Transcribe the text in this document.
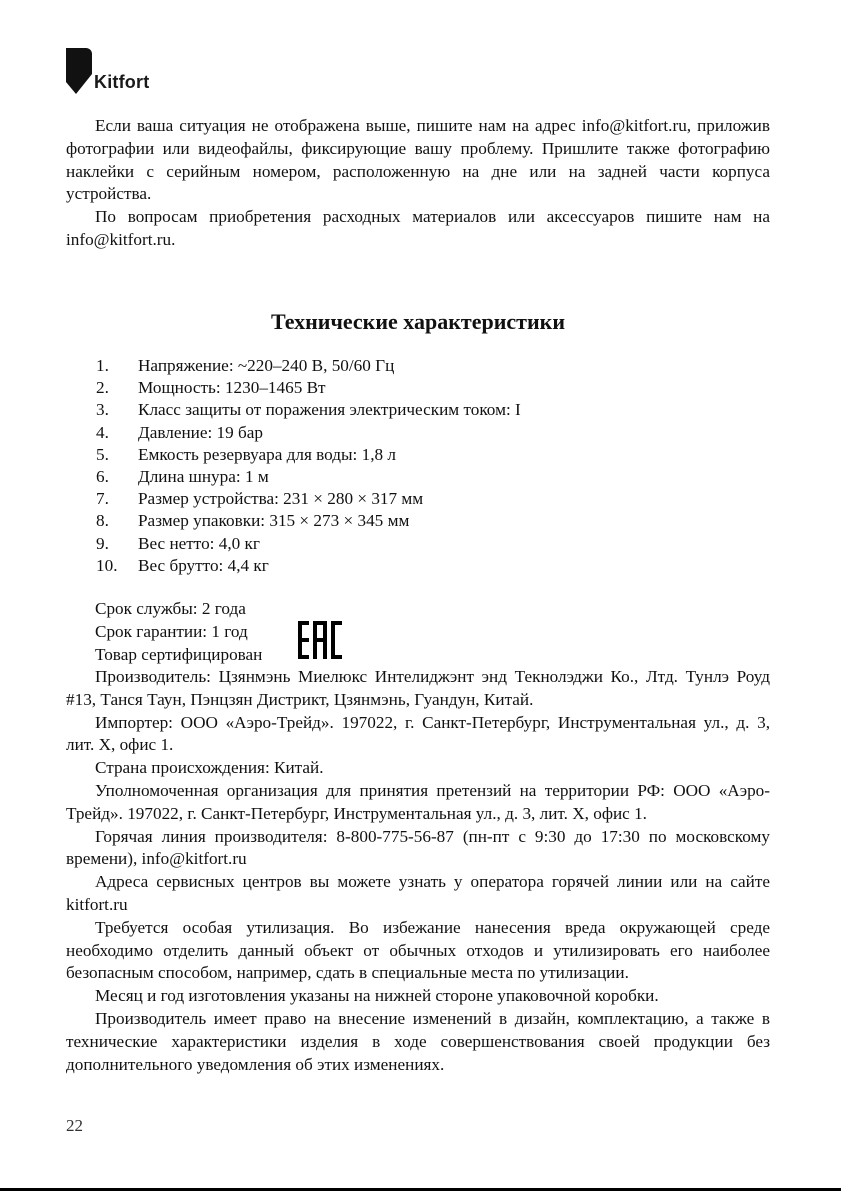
Kitfort

Если ваша ситуация не отображена выше, пишите нам на адрес info@kitfort.ru, приложив фотографии или видеофайлы, фиксирующие вашу проблему. Пришлите также фотографию наклейки с серийным номером, расположенную на дне или на задней части корпуса устройства.

По вопросам приобретения расходных материалов или аксессуаров пишите нам на info@kitfort.ru.

Технические характеристики
1.	Напряжение: ~220–240 В, 50/60 Гц
2.	Мощность: 1230–1465 Вт
3.	Класс защиты от поражения электрическим током: I
4.	Давление: 19 бар
5.	Емкость резервуара для воды: 1,8 л
6.	Длина шнура: 1 м
7.	Размер устройства: 231 × 280 × 317 мм
8.	Размер упаковки: 315 × 273 × 345 мм
9.	Вес нетто: 4,0 кг
10.	Вес брутто: 4,4 кг

Срок службы: 2 года

Срок гарантии: 1 год

Товар сертифицирован

Производитель: Цзянмэнь Миелюкс Интелиджэнт энд Текнолэджи Ко., Лтд. Тунлэ Роуд #13, Танся Таун, Пэнцзян Дистрикт, Цзянмэнь, Гуандун, Китай.

Импортер: ООО «Аэро-Трейд». 197022, г. Санкт-Петербург, Инструментальная ул., д. 3, лит. Х, офис 1.

Страна происхождения: Китай.

Уполномоченная организация для принятия претензий на территории РФ: ООО «Аэро-Трейд». 197022, г. Санкт-Петербург, Инструментальная ул., д. 3, лит. Х, офис 1.

Горячая линия производителя: 8-800-775-56-87 (пн-пт с 9:30 до 17:30 по московскому времени), info@kitfort.ru

Адреса сервисных центров вы можете узнать у оператора горячей линии или на сайте kitfort.ru

Требуется особая утилизация. Во избежание нанесения вреда окружающей среде необходимо отделить данный объект от обычных отходов и утилизировать его наиболее безопасным способом, например, сдать в специальные места по утилизации.

Месяц и год изготовления указаны на нижней стороне упаковочной коробки.

Производитель имеет право на внесение изменений в дизайн, комплектацию, а также в технические характеристики изделия в ходе совершенствования своей продукции без дополнительного уведомления об этих изменениях.

22
